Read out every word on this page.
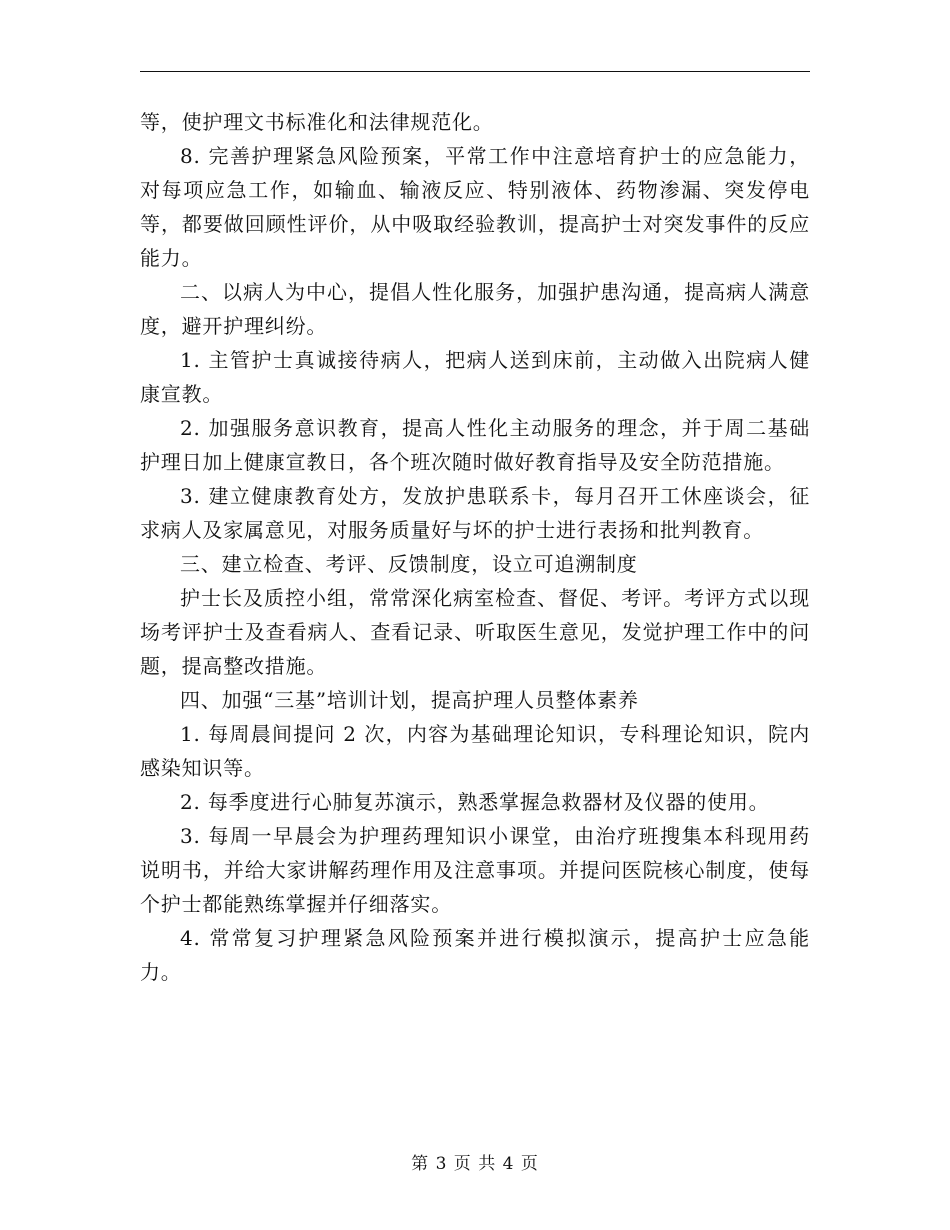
等，使护理文书标准化和法律规范化。

8. 完善护理紧急风险预案，平常工作中注意培育护士的应急能力，对每项应急工作，如输血、输液反应、特别液体、药物渗漏、突发停电等，都要做回顾性评价，从中吸取经验教训，提高护士对突发事件的反应能力。

二、以病人为中心，提倡人性化服务，加强护患沟通，提高病人满意度，避开护理纠纷。

1. 主管护士真诚接待病人，把病人送到床前，主动做入出院病人健康宣教。

2. 加强服务意识教育，提高人性化主动服务的理念，并于周二基础护理日加上健康宣教日，各个班次随时做好教育指导及安全防范措施。

3. 建立健康教育处方，发放护患联系卡，每月召开工休座谈会，征求病人及家属意见，对服务质量好与坏的护士进行表扬和批判教育。

三、建立检查、考评、反馈制度，设立可追溯制度

护士长及质控小组，常常深化病室检查、督促、考评。考评方式以现场考评护士及查看病人、查看记录、听取医生意见，发觉护理工作中的问题，提高整改措施。

四、加强“三基”培训计划，提高护理人员整体素养

1. 每周晨间提问 2 次，内容为基础理论知识，专科理论知识，院内感染知识等。

2. 每季度进行心肺复苏演示，熟悉掌握急救器材及仪器的使用。

3. 每周一早晨会为护理药理知识小课堂，由治疗班搜集本科现用药说明书，并给大家讲解药理作用及注意事项。并提问医院核心制度，使每个护士都能熟练掌握并仔细落实。

4. 常常复习护理紧急风险预案并进行模拟演示，提高护士应急能力。

第 3 页 共 4 页
